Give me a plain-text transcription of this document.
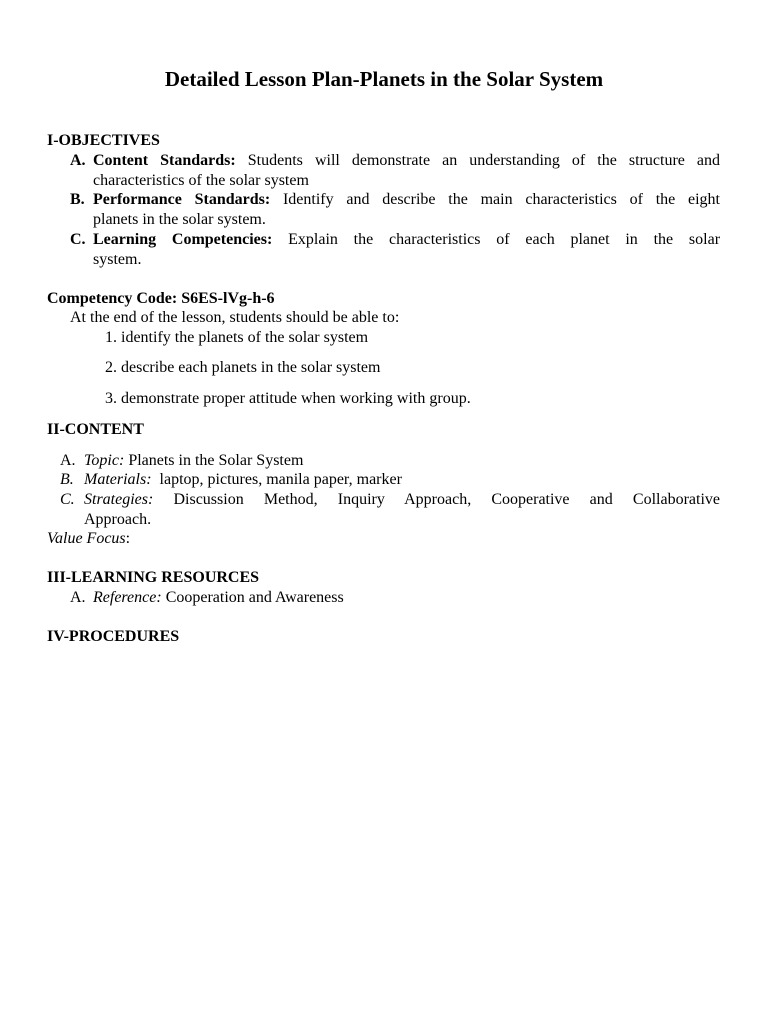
Detailed Lesson Plan-Planets in the Solar System
I-OBJECTIVES
A. Content Standards: Students will demonstrate an understanding of the structure and
characteristics of the solar system
B. Performance Standards: Identify and describe the main characteristics of the eight
planets in the solar system.
C. Learning Competencies: Explain the characteristics of each planet in the solar
system.
Competency Code: S6ES-lVg-h-6
At the end of the lesson, students should be able to:
1. identify the planets of the solar system
2. describe each planets in the solar system
3. demonstrate proper attitude when working with group.
II-CONTENT
A. Topic: Planets in the Solar System
B. Materials: laptop, pictures, manila paper, marker
C. Strategies: Discussion Method, Inquiry Approach, Cooperative and Collaborative
Approach.
Value Focus:
III-LEARNING RESOURCES
A. Reference: Cooperation and Awareness
IV-PROCEDURES
